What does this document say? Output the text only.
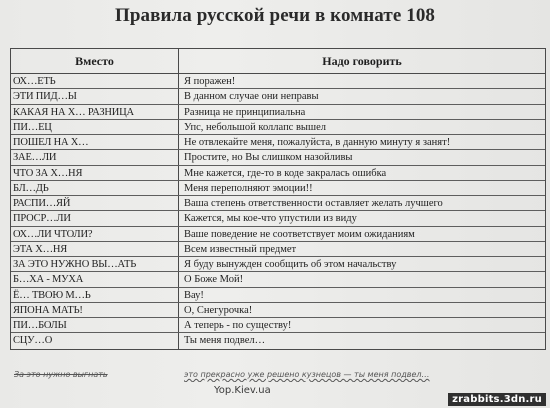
Правила русской речи в комнате 108
Вместо	Надо говорить
ОХ…ЕТЬ	Я поражен!
ЭТИ ПИД…Ы	В данном случае они неправы
КАКАЯ НА Х… РАЗНИЦА	Разница не принципиальна
ПИ…ЕЦ	Упс, небольшой коллапс вышел
ПОШЕЛ НА Х…	Не отвлекайте меня, пожалуйста, в данную минуту я занят!
ЗАЕ…ЛИ	Простите, но Вы слишком назойливы
ЧТО ЗА Х…НЯ	Мне кажется, где-то в коде закралась ошибка
БЛ…ДЬ	Меня переполняют эмоции!!
РАСПИ…ЯЙ	Ваша степень ответственности оставляет желать лучшего
ПРОСР…ЛИ	Кажется, мы кое-что упустили из виду
ОХ…ЛИ ЧТОЛИ?	Ваше поведение не соответствует моим ожиданиям
ЭТА Х…НЯ	Всем известный предмет
ЗА ЭТО НУЖНО ВЫ…АТЬ	Я буду вынужден сообщить об этом начальству
Б…ХА - МУХА	О Боже Мой!
Ё… ТВОЮ М…Ь	Вау!
ЯПОНА МАТЬ!	О, Снегурочка!
ПИ…БОЛЫ	А теперь - по существу!
СЦУ…О	Ты меня подвел…
За это нужно выгнать	это прекрасно уже решено кузнецов — ты меня подвел…
Yop.Kiev.ua
zrabbits.3dn.ru
